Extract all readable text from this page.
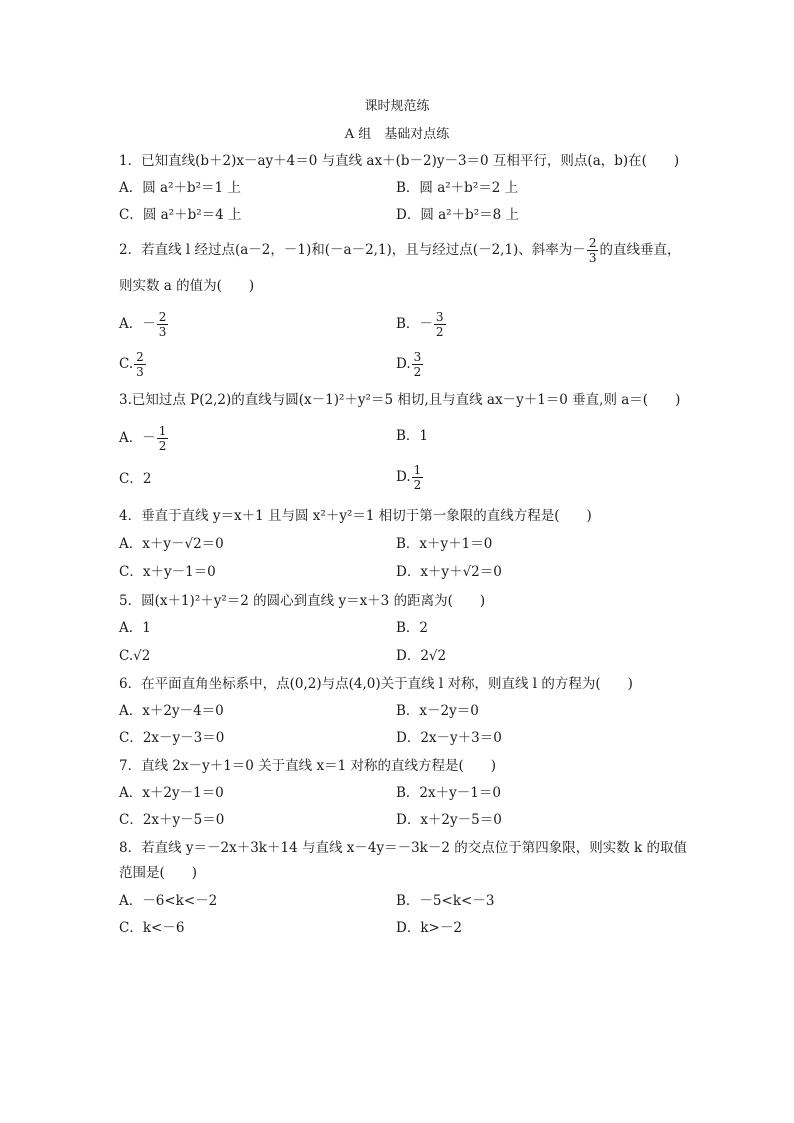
课时规范练
A 组　基础对点练
1．已知直线(b＋2)x－ay＋4＝0 与直线 ax＋(b－2)y－3＝0 互相平行，则点(a，b)在(　　)
A．圆 a²＋b²＝1 上	B．圆 a²＋b²＝2 上
C．圆 a²＋b²＝4 上	D．圆 a²＋b²＝8 上
2．若直线 l 经过点(a－2，－1)和(－a－2,1)，且与经过点(－2,1)、斜率为－ $\frac{2}{3}$ 的直线垂直，
则实数 a 的值为(　　)
A．－ $\frac{2}{3}$	B．－ $\frac{3}{2}$
C. $\frac{2}{3}$	D. $\frac{3}{2}$
3.已知过点 P(2,2)的直线与圆(x－1)²＋y²＝5 相切,且与直线 ax－y＋1＝0 垂直,则 a＝(　　)
A．－ $\frac{1}{2}$	B．1
C．2	D. $\frac{1}{2}$
4．垂直于直线 y＝x＋1 且与圆 x²＋y²＝1 相切于第一象限的直线方程是(　　)
A．x＋y－√2＝0	B．x＋y＋1＝0
C．x＋y－1＝0	D．x＋y＋√2＝0
5．圆(x＋1)²＋y²＝2 的圆心到直线 y＝x＋3 的距离为(　　)
A．1	B．2
C.√2	D．2√2
6．在平面直角坐标系中，点(0,2)与点(4,0)关于直线 l 对称，则直线 l 的方程为(　　)
A．x＋2y－4＝0	B．x－2y＝0
C．2x－y－3＝0	D．2x－y＋3＝0
7．直线 2x－y＋1＝0 关于直线 x＝1 对称的直线方程是(　　)
A．x＋2y－1＝0	B．2x＋y－1＝0
C．2x＋y－5＝0	D．x＋2y－5＝0
8．若直线 y＝－2x＋3k＋14 与直线 x－4y＝－3k－2 的交点位于第四象限，则实数 k 的取值
范围是(　　)
A．－6<k<－2	B．－5<k<－3
C．k<－6	D．k>－2
